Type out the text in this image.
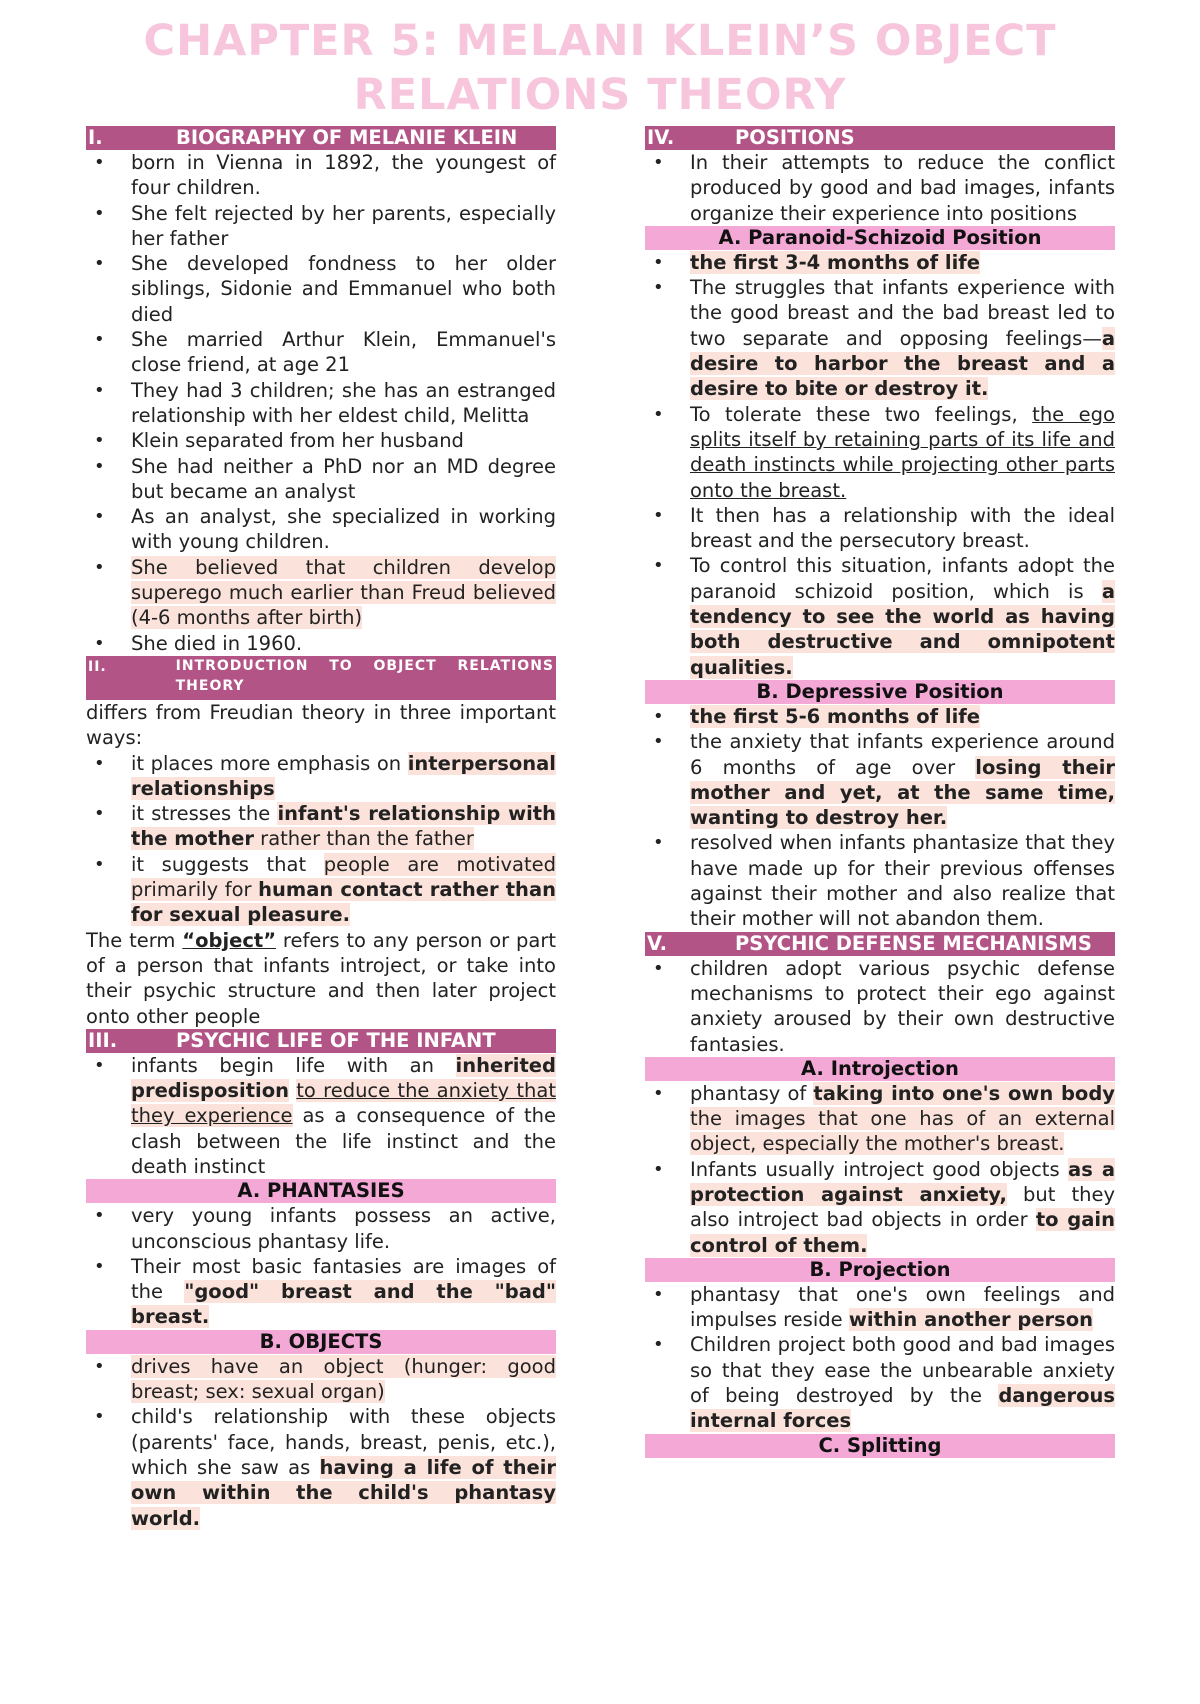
CHAPTER 5: MELANI KLEIN’S OBJECT RELATIONS THEORY
I.	BIOGRAPHY OF MELANIE KLEIN
• born in Vienna in 1892, the youngest of four children.
• She felt rejected by her parents, especially her father
• She developed fondness to her older siblings, Sidonie and Emmanuel who both died
• She married Arthur Klein, Emmanuel's close friend, at age 21
• They had 3 children; she has an estranged relationship with her eldest child, Melitta
• Klein separated from her husband
• She had neither a PhD nor an MD degree but became an analyst
• As an analyst, she specialized in working with young children.
• She believed that children develop superego much earlier than Freud believed (4-6 months after birth)
• She died in 1960.
II.	INTRODUCTION TO OBJECT RELATIONS THEORY

differs from Freudian theory in three important ways:

• it places more emphasis on interpersonal relationships
• it stresses the infant's relationship with the mother rather than the father
• it suggests that people are motivated primarily for human contact rather than for sexual pleasure.

The term “object” refers to any person or part of a person that infants introject, or take into their psychic structure and then later project onto other people

III.	PSYCHIC LIFE OF THE INFANT
• infants begin life with an inherited predisposition to reduce the anxiety that they experience as a consequence of the clash between the life instinct and the death instinct
A. PHANTASIES
• very young infants possess an active, unconscious phantasy life.
• Their most basic fantasies are images of the "good" breast and the "bad" breast.
B. OBJECTS
• drives have an object (hunger: good breast; sex: sexual organ)
• child's relationship with these objects (parents' face, hands, breast, penis, etc.), which she saw as having a life of their own within the child's phantasy world.
IV.	POSITIONS
• In their attempts to reduce the conflict produced by good and bad images, infants organize their experience into positions
A. Paranoid-Schizoid Position
• the first 3-4 months of life
• The struggles that infants experience with the good breast and the bad breast led to two separate and opposing feelings—a desire to harbor the breast and a desire to bite or destroy it.
• To tolerate these two feelings, the ego splits itself by retaining parts of its life and death instincts while projecting other parts onto the breast.
• It then has a relationship with the ideal breast and the persecutory breast.
• To control this situation, infants adopt the paranoid schizoid position, which is a tendency to see the world as having both destructive and omnipotent qualities.
B. Depressive Position
• the first 5-6 months of life
• the anxiety that infants experience around 6 months of age over losing their mother and yet, at the same time, wanting to destroy her.
• resolved when infants phantasize that they have made up for their previous offenses against their mother and also realize that their mother will not abandon them.
V.	PSYCHIC DEFENSE MECHANISMS
• children adopt various psychic defense mechanisms to protect their ego against anxiety aroused by their own destructive fantasies.
A. Introjection
• phantasy of taking into one's own body the images that one has of an external object, especially the mother's breast.
• Infants usually introject good objects as a protection against anxiety, but they also introject bad objects in order to gain control of them.
B. Projection
• phantasy that one's own feelings and impulses reside within another person
• Children project both good and bad images so that they ease the unbearable anxiety of being destroyed by the dangerous internal forces
C. Splitting
